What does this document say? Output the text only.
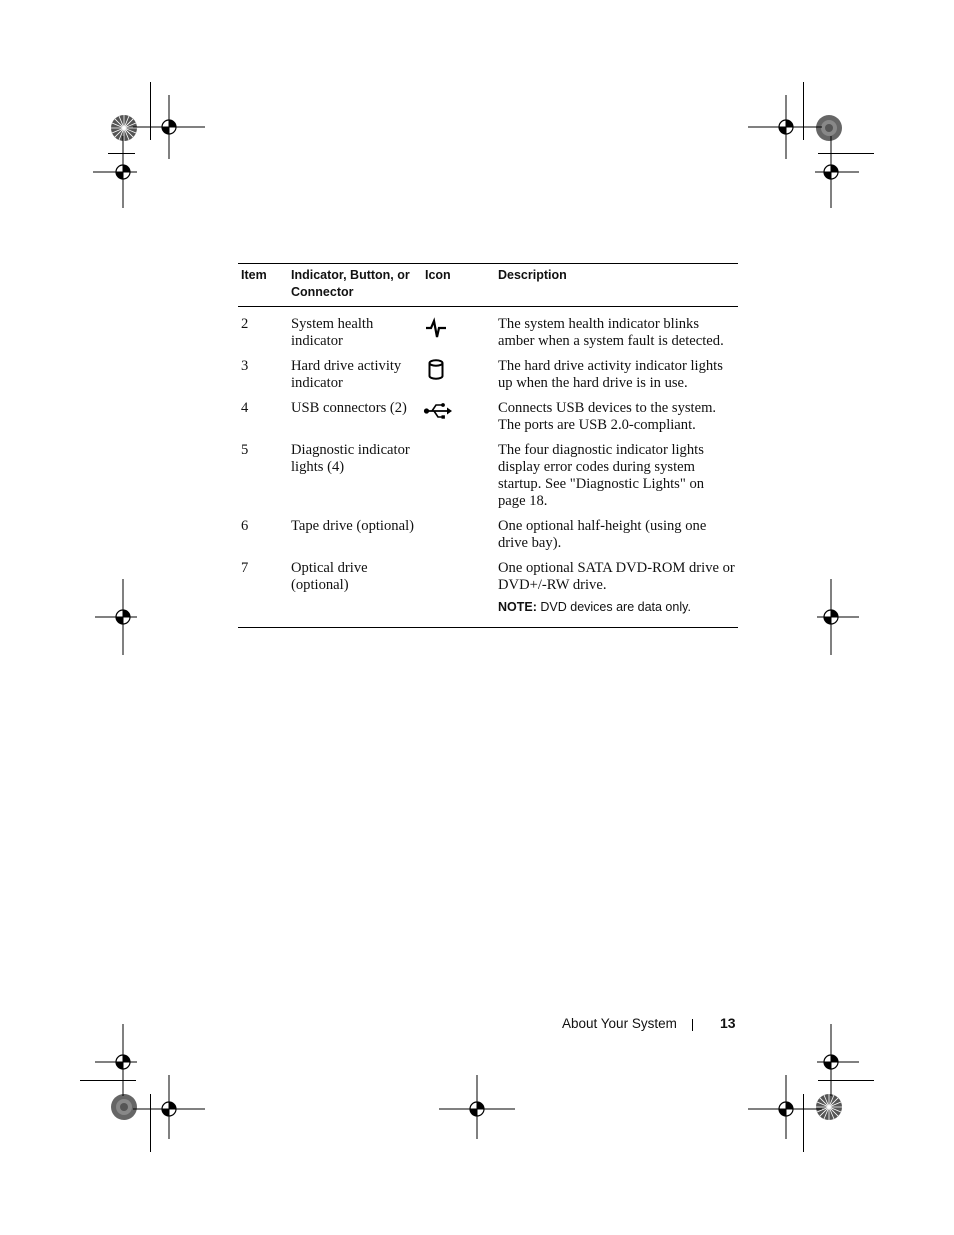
Item	Indicator, Button, or Connector	Icon	Description
2	System health indicator		The system health indicator blinks amber when a system fault is detected.
3	Hard drive activity indicator		The hard drive activity indicator lights up when the hard drive is in use.
4	USB connectors (2)		Connects USB devices to the system. The ports are USB 2.0-compliant.
5	Diagnostic indicator lights (4)		The four diagnostic indicator lights display error codes during system startup. See "Diagnostic Lights" on page 18.
6	Tape drive (optional)		One optional half-height (using one drive bay).
7	Optical drive (optional)		One optional SATA DVD-ROM drive or DVD+/-RW drive.
NOTE: DVD devices are data only.
About Your System	13
